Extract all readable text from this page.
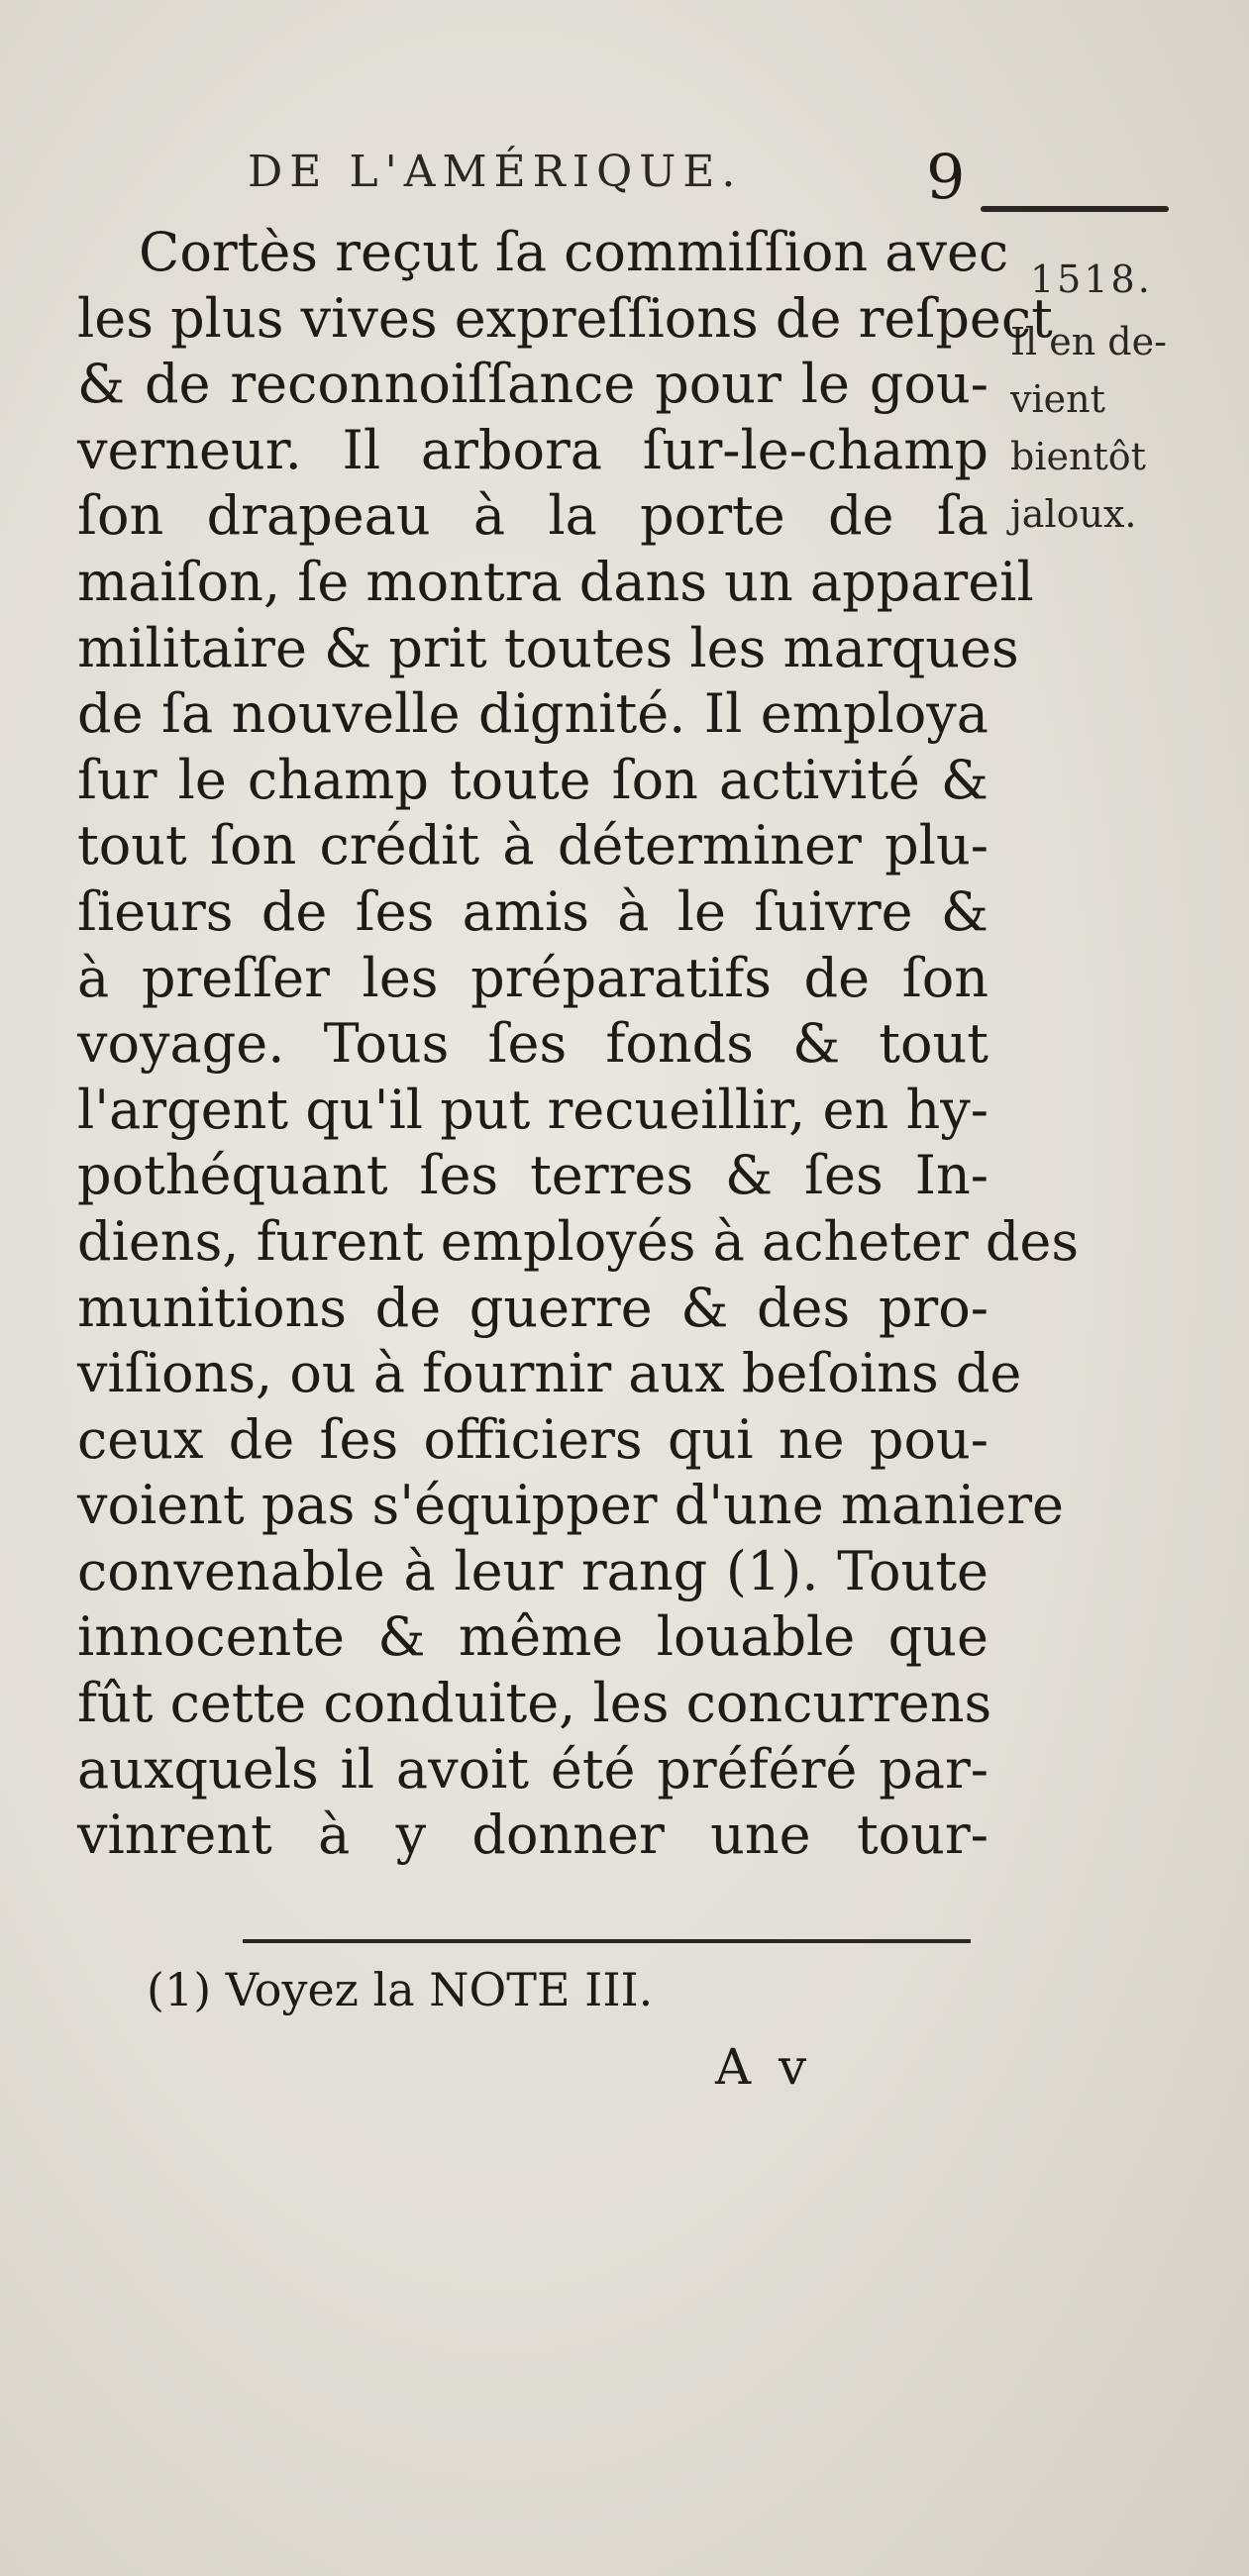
DE L'AMÉRIQUE.	9
1518.

Il en de-
vient
bientôt
jaloux.

Cortès reçut ſa commiſſion avec
les plus vives expreſſions de reſpect
& de reconnoiſſance pour le gou-
verneur. Il arbora ſur-le-champ
ſon drapeau à la porte de ſa
maiſon, ſe montra dans un appareil
militaire & prit toutes les marques
de ſa nouvelle dignité. Il employa
ſur le champ toute ſon activité &
tout ſon crédit à déterminer plu-
ſieurs de ſes amis à le ſuivre &
à preſſer les préparatifs de ſon
voyage. Tous ſes fonds & tout
l'argent qu'il put recueillir, en hy-
pothéquant ſes terres & ſes In-
diens, furent employés à acheter des
munitions de guerre & des pro-
viſions, ou à fournir aux beſoins de
ceux de ſes officiers qui ne pou-
voient pas s'équipper d'une maniere
convenable à leur rang (1). Toute
innocente & même louable que
fût cette conduite, les concurrens
auxquels il avoit été préféré par-
vinrent à y donner une tour-

(1) Voyez la NOTE III.
A v
